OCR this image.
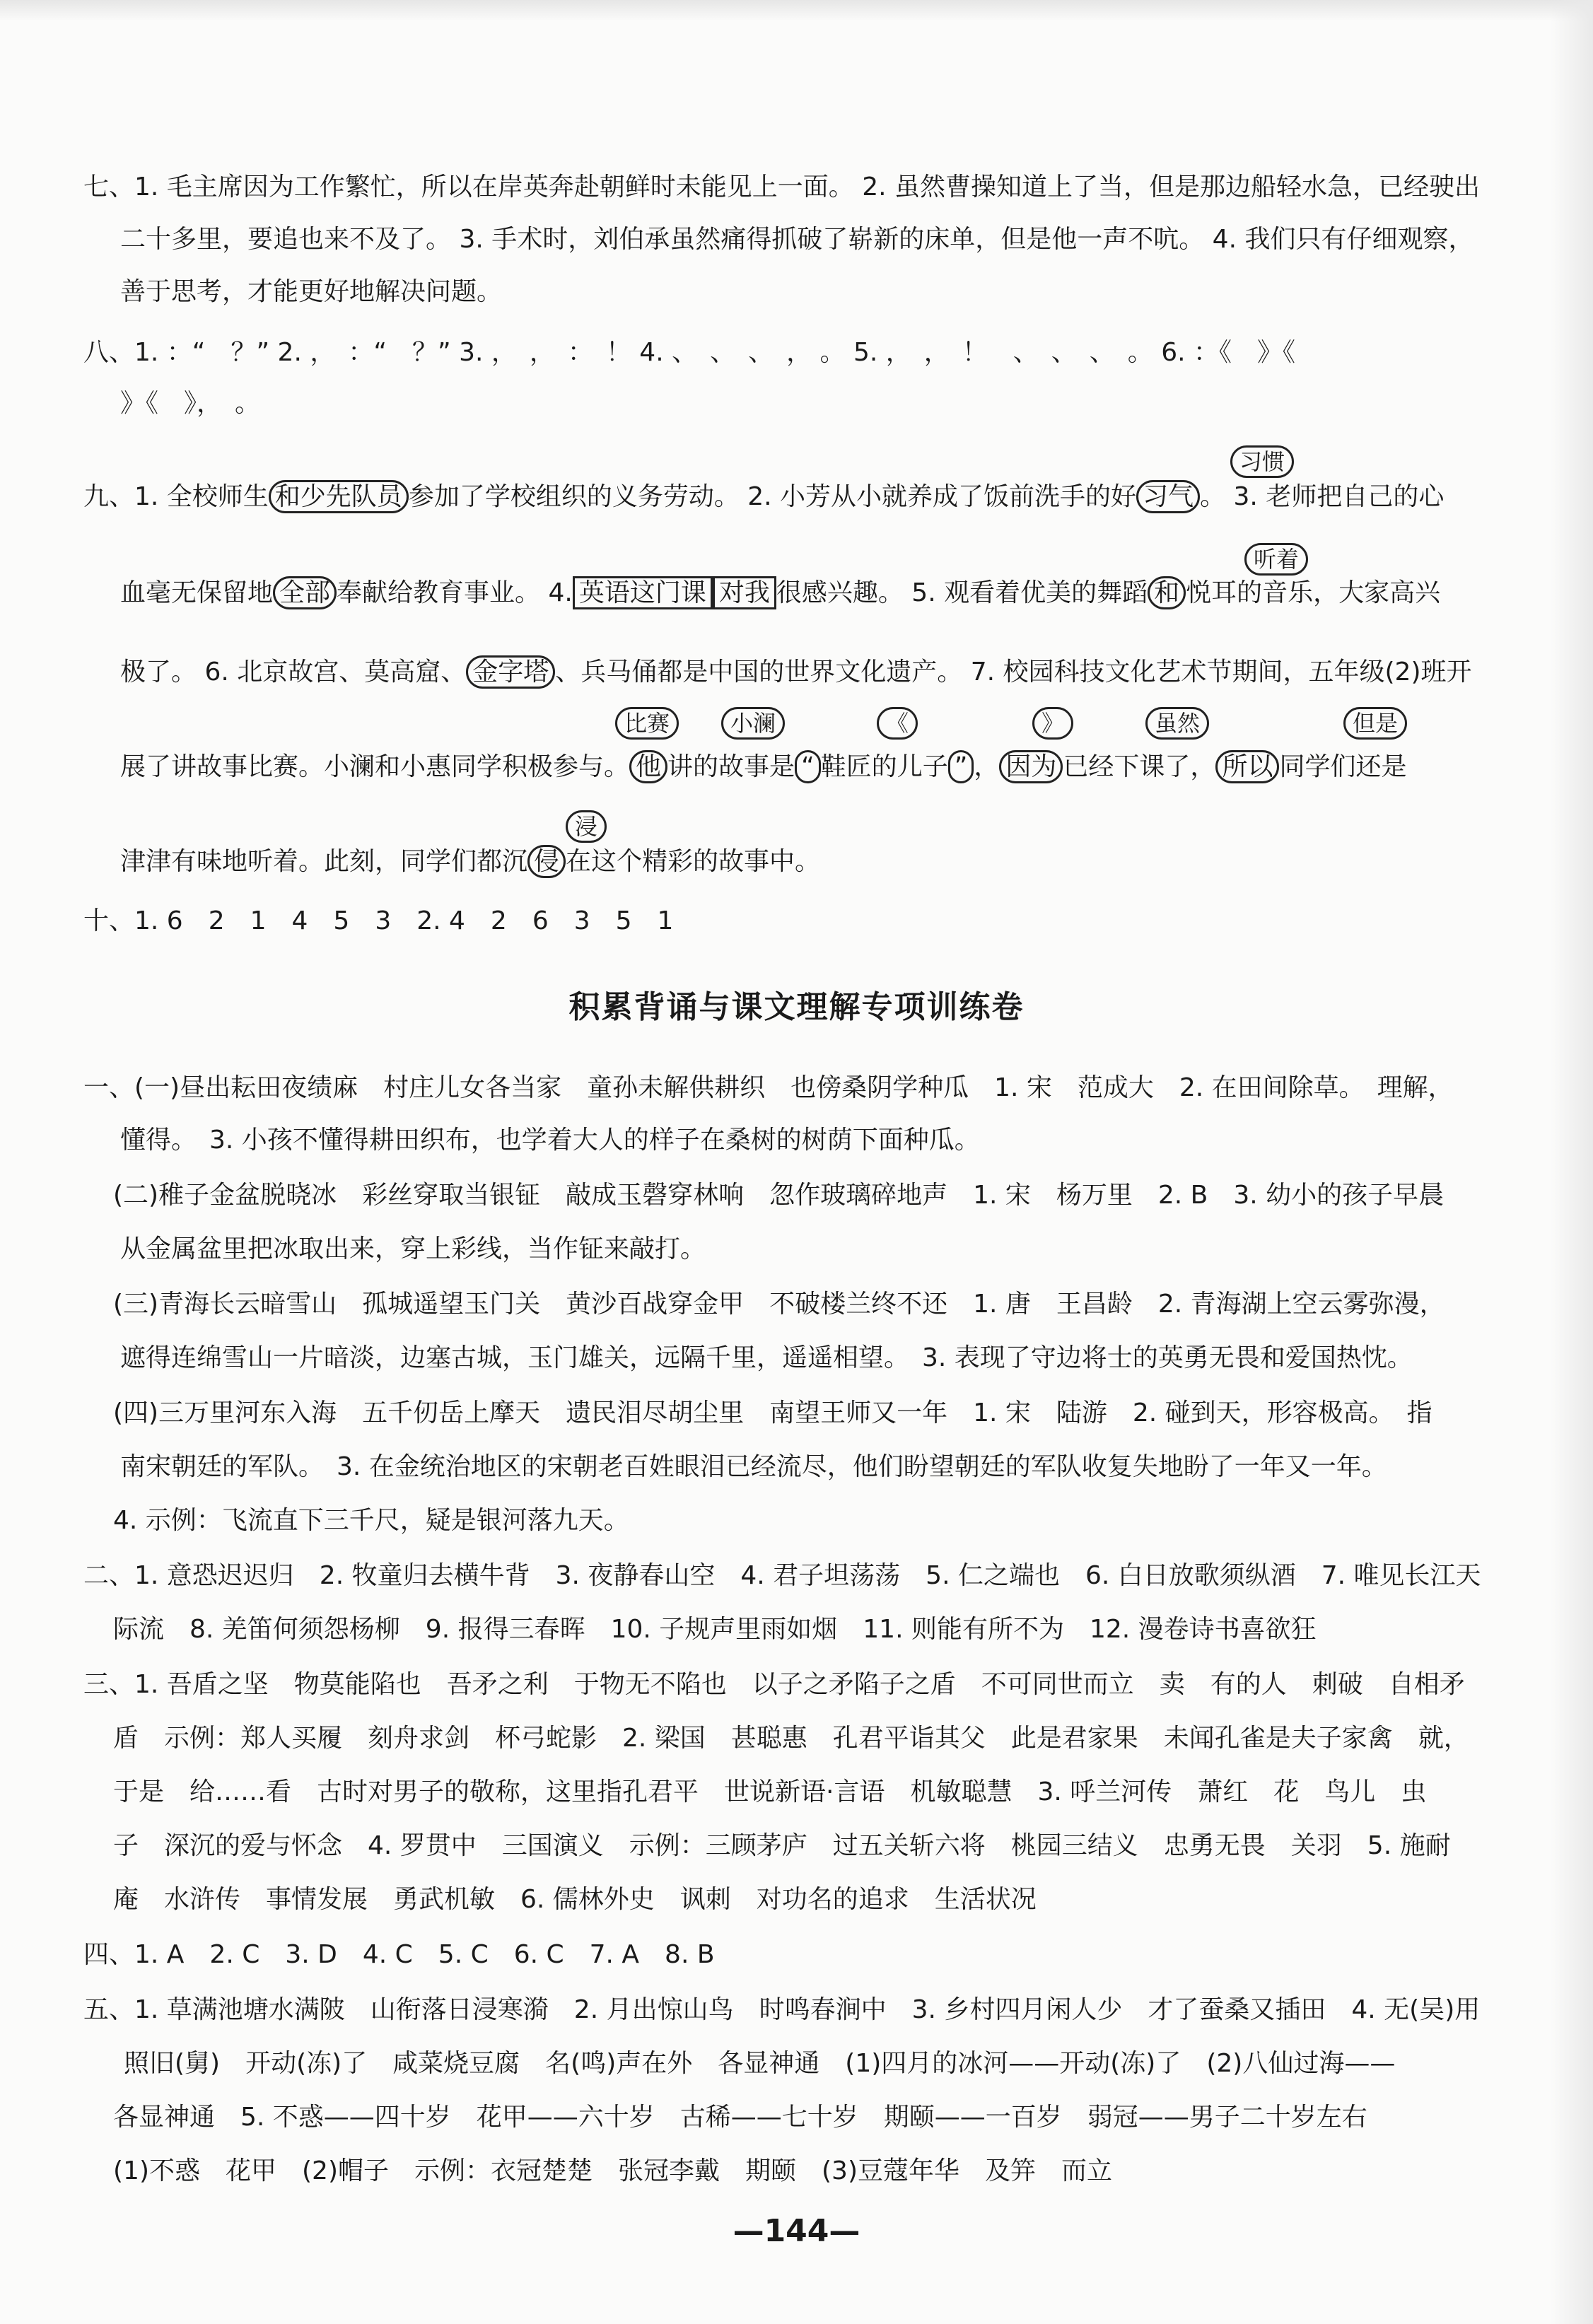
七、1. 毛主席因为工作繁忙，所以在岸英奔赴朝鲜时未能见上一面。 2. 虽然曹操知道上了当，但是那边船轻水急，已经驶出
二十多里，要追也来不及了。 3. 手术时，刘伯承虽然痛得抓破了崭新的床单，但是他一声不吭。 4. 我们只有仔细观察，
善于思考，才能更好地解决问题。
八、1. ：“　？” 2. ，　：“　？” 3. ，　，　：　！ 4. 、　、　、　， 。 5. ，　，　！　、　、　、　。 6. ：《　》《
》《　》，　。
习惯
九、1. 全校师生 和少先队员 参加了学校组织的义务劳动。 2. 小芳从小就养成了饭前洗手的好 习气 。 3. 老师把自己的心
听着
血毫无保留地 全部 奉献给教育事业。 4. 英语这门课 对我 很感兴趣。 5. 观看着优美的舞蹈 和 悦耳的音乐，大家高兴
极了。 6. 北京故宫、莫高窟、 金字塔 、兵马俑都是中国的世界文化遗产。 7. 校园科技文化艺术节期间，五年级(2)班开
比赛	小澜	《	》	虽然	但是
展了讲故事比赛。小澜和小惠同学积极参与。 他 讲的故事是 “ 鞋匠的儿子 ” ， 因为 已经下课了， 所以 同学们还是
浸
津津有味地听着。此刻，同学们都沉 侵 在这个精彩的故事中。
十、1. 6　2　1　4　5　3　2. 4　2　6　3　5　1
积累背诵与课文理解专项训练卷
一、(一)昼出耘田夜绩麻　村庄儿女各当家　童孙未解供耕织　也傍桑阴学种瓜　1. 宋　范成大　2. 在田间除草。　理解，
懂得。　3. 小孩不懂得耕田织布，也学着大人的样子在桑树的树荫下面种瓜。
(二)稚子金盆脱晓冰　彩丝穿取当银钲　敲成玉磬穿林响　忽作玻璃碎地声　1. 宋　杨万里　2. B　3. 幼小的孩子早晨
从金属盆里把冰取出来，穿上彩线，当作钲来敲打。
(三)青海长云暗雪山　孤城遥望玉门关　黄沙百战穿金甲　不破楼兰终不还　1. 唐　王昌龄　2. 青海湖上空云雾弥漫，
遮得连绵雪山一片暗淡，边塞古城，玉门雄关，远隔千里，遥遥相望。　3. 表现了守边将士的英勇无畏和爱国热忱。
(四)三万里河东入海　五千仞岳上摩天　遗民泪尽胡尘里　南望王师又一年　1. 宋　陆游　2. 碰到天，形容极高。　指
南宋朝廷的军队。　3. 在金统治地区的宋朝老百姓眼泪已经流尽，他们盼望朝廷的军队收复失地盼了一年又一年。
4. 示例：飞流直下三千尺，疑是银河落九天。
二、1. 意恐迟迟归　2. 牧童归去横牛背　3. 夜静春山空　4. 君子坦荡荡　5. 仁之端也　6. 白日放歌须纵酒　7. 唯见长江天
际流　8. 羌笛何须怨杨柳　9. 报得三春晖　10. 子规声里雨如烟　11. 则能有所不为　12. 漫卷诗书喜欲狂
三、1. 吾盾之坚　物莫能陷也　吾矛之利　于物无不陷也　以子之矛陷子之盾　不可同世而立　卖　有的人　刺破　自相矛
盾　示例：郑人买履　刻舟求剑　杯弓蛇影　2. 梁国　甚聪惠　孔君平诣其父　此是君家果　未闻孔雀是夫子家禽　就，
于是　给……看　古时对男子的敬称，这里指孔君平　世说新语·言语　机敏聪慧　3. 呼兰河传　萧红　花　鸟儿　虫
子　深沉的爱与怀念　4. 罗贯中　三国演义　示例：三顾茅庐　过五关斩六将　桃园三结义　忠勇无畏　关羽　5. 施耐
庵　水浒传　事情发展　勇武机敏　6. 儒林外史　讽刺　对功名的追求　生活状况
四、1. A　2. C　3. D　4. C　5. C　6. C　7. A　8. B
五、1. 草满池塘水满陂　山衔落日浸寒漪　2. 月出惊山鸟　时鸣春涧中　3. 乡村四月闲人少　才了蚕桑又插田　4. 无(吴)用
照旧(舅)　开动(冻)了　咸菜烧豆腐　名(鸣)声在外　各显神通　(1)四月的冰河——开动(冻)了　(2)八仙过海——
各显神通　5. 不惑——四十岁　花甲——六十岁　古稀——七十岁　期颐——一百岁　弱冠——男子二十岁左右
(1)不惑　花甲　(2)帽子　示例：衣冠楚楚　张冠李戴　期颐　(3)豆蔻年华　及笄　而立
—144—
